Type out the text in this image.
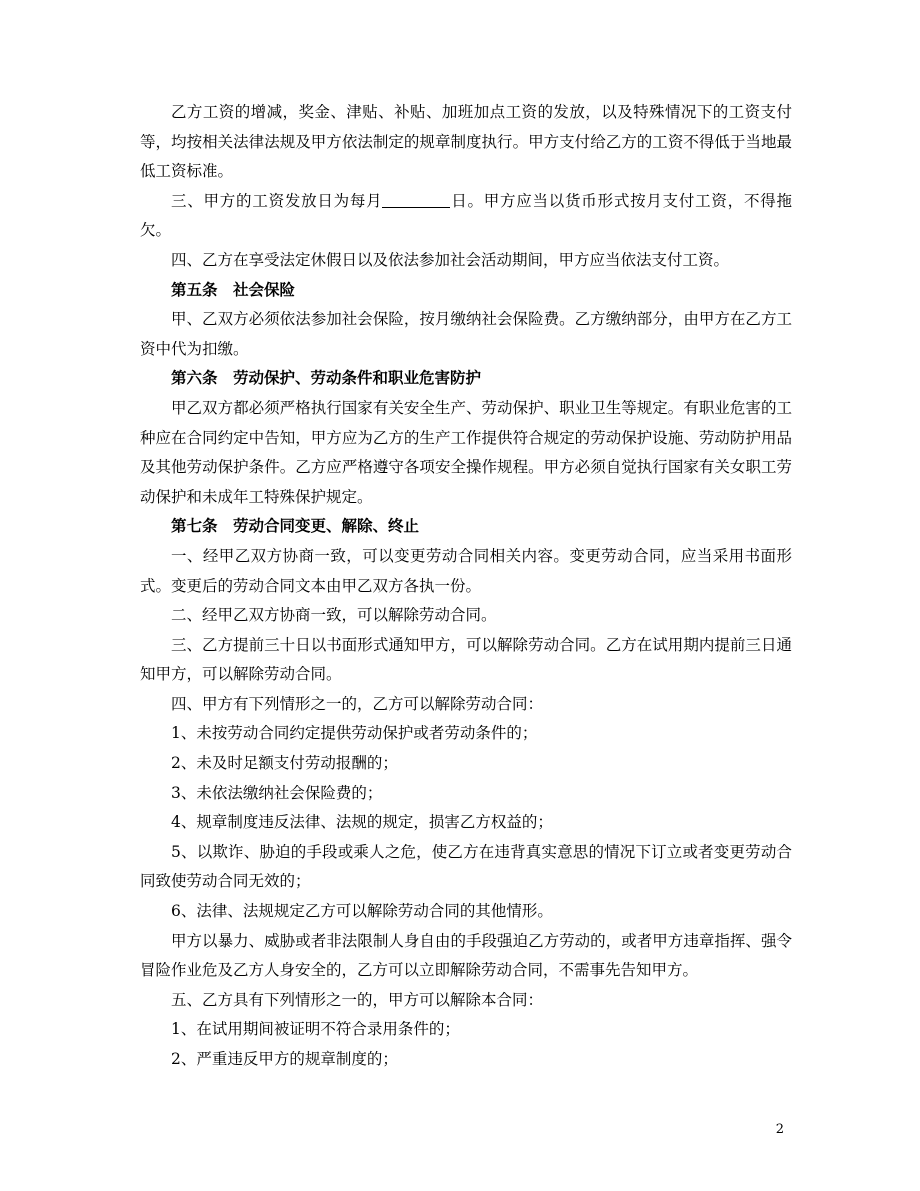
乙方工资的增减，奖金、津贴、补贴、加班加点工资的发放，以及特殊情况下的工资支付等，均按相关法律法规及甲方依法制定的规章制度执行。甲方支付给乙方的工资不得低于当地最低工资标准。

三、甲方的工资发放日为每月	日。甲方应当以货币形式按月支付工资，不得拖欠。

四、乙方在享受法定休假日以及依法参加社会活动期间，甲方应当依法支付工资。

第五条　社会保险

甲、乙双方必须依法参加社会保险，按月缴纳社会保险费。乙方缴纳部分，由甲方在乙方工资中代为扣缴。

第六条　劳动保护、劳动条件和职业危害防护

甲乙双方都必须严格执行国家有关安全生产、劳动保护、职业卫生等规定。有职业危害的工种应在合同约定中告知，甲方应为乙方的生产工作提供符合规定的劳动保护设施、劳动防护用品及其他劳动保护条件。乙方应严格遵守各项安全操作规程。甲方必须自觉执行国家有关女职工劳动保护和未成年工特殊保护规定。

第七条　劳动合同变更、解除、终止

一、经甲乙双方协商一致，可以变更劳动合同相关内容。变更劳动合同，应当采用书面形式。变更后的劳动合同文本由甲乙双方各执一份。

二、经甲乙双方协商一致，可以解除劳动合同。

三、乙方提前三十日以书面形式通知甲方，可以解除劳动合同。乙方在试用期内提前三日通知甲方，可以解除劳动合同。

四、甲方有下列情形之一的，乙方可以解除劳动合同：

1、未按劳动合同约定提供劳动保护或者劳动条件的；

2、未及时足额支付劳动报酬的；

3、未依法缴纳社会保险费的；

4、规章制度违反法律、法规的规定，损害乙方权益的；

5、以欺诈、胁迫的手段或乘人之危，使乙方在违背真实意思的情况下订立或者变更劳动合同致使劳动合同无效的；

6、法律、法规规定乙方可以解除劳动合同的其他情形。

甲方以暴力、威胁或者非法限制人身自由的手段强迫乙方劳动的，或者甲方违章指挥、强令冒险作业危及乙方人身安全的，乙方可以立即解除劳动合同，不需事先告知甲方。

五、乙方具有下列情形之一的，甲方可以解除本合同：

1、在试用期间被证明不符合录用条件的；

2、严重违反甲方的规章制度的；

2
